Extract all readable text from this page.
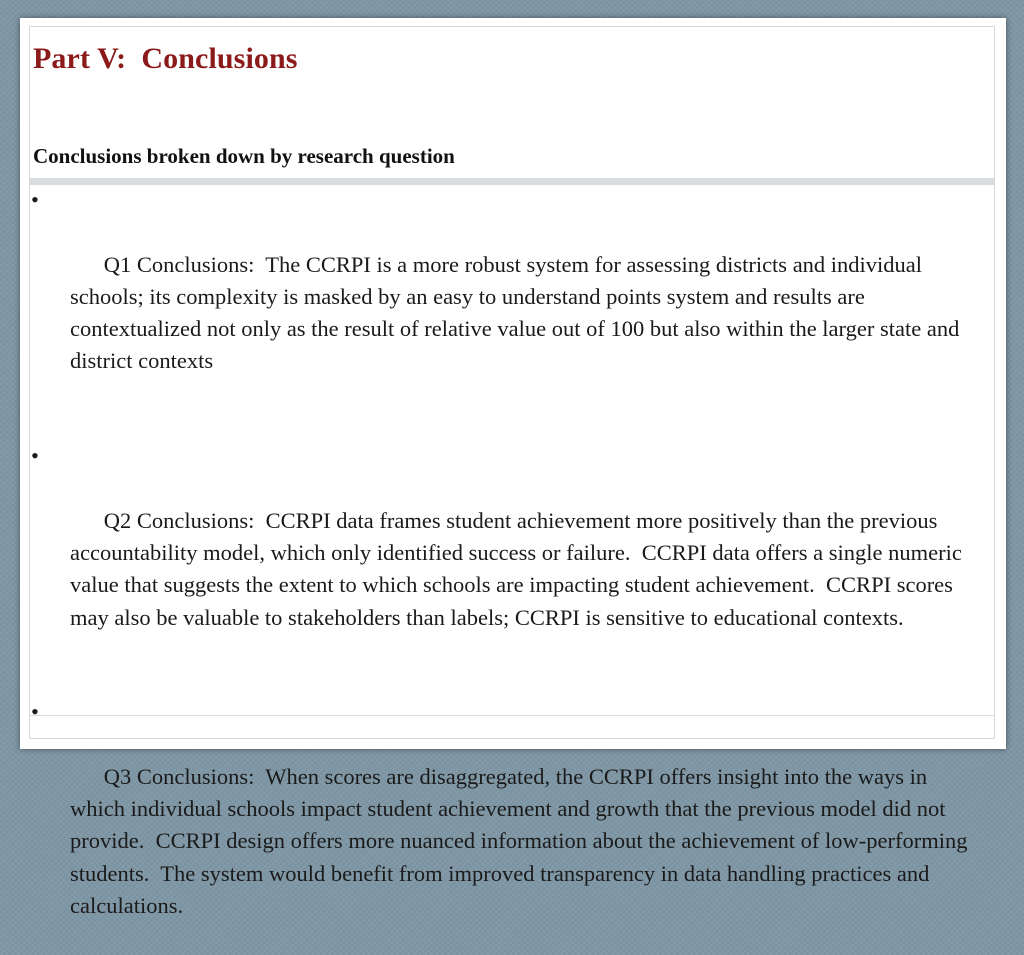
Part V:  Conclusions
Conclusions broken down by research question

•

Q1 Conclusions:  The CCRPI is a more robust system for assessing districts and individual schools; its complexity is masked by an easy to understand points system and results are contextualized not only as the result of relative value out of 100 but also within the larger state and district contexts

•

Q2 Conclusions:  CCRPI data frames student achievement more positively than the previous accountability model, which only identified success or failure.  CCRPI data offers a single numeric value that suggests the extent to which schools are impacting student achievement.  CCRPI scores may also be valuable to stakeholders than labels; CCRPI is sensitive to educational contexts.

•

Q3 Conclusions:  When scores are disaggregated, the CCRPI offers insight into the ways in which individual schools impact student achievement and growth that the previous model did not provide.  CCRPI design offers more nuanced information about the achievement of low-performing students.  The system would benefit from improved transparency in data handling practices and calculations.
